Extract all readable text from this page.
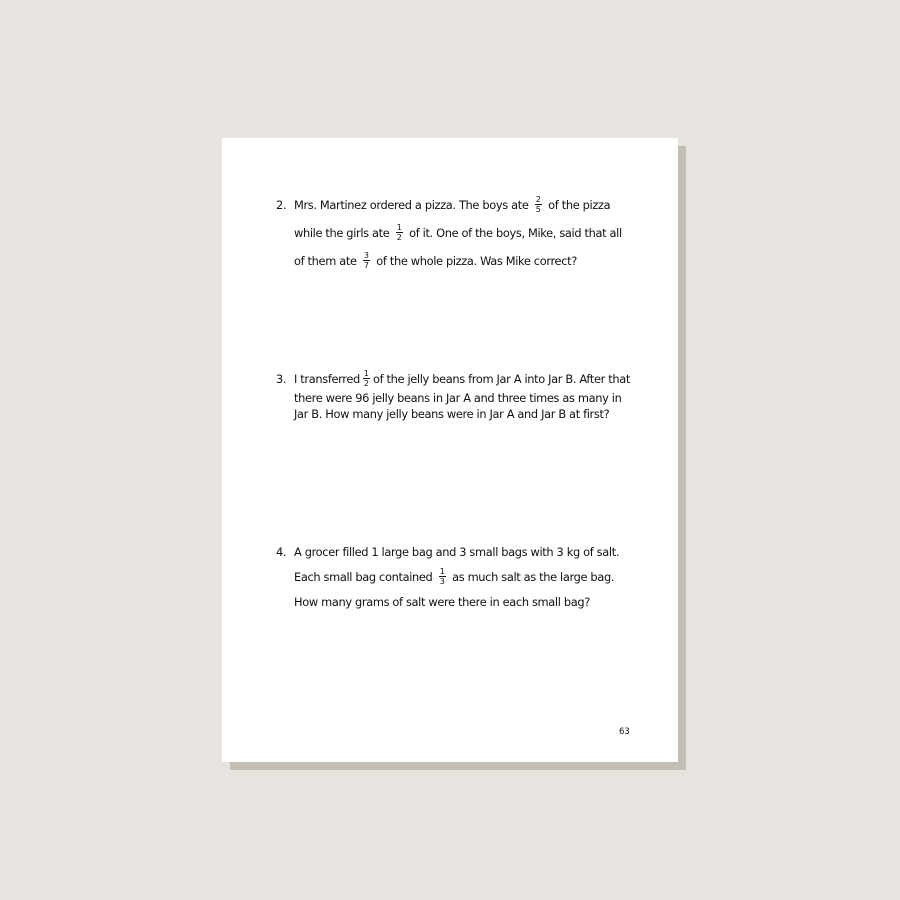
2. Mrs. Martinez ordered a pizza. The boys ate $\frac{2}{5}$ of the pizza while the girls ate $\frac{1}{2}$ of it. One of the boys, Mike, said that all of them ate $\frac{3}{7}$ of the whole pizza. Was Mike correct?
3. I transferred $\frac{1}{2}$ of the jelly beans from Jar A into Jar B. After that
there were 96 jelly beans in Jar A and three times as many in Jar B. How many jelly beans were in Jar A and Jar B at first?
4. A grocer filled 1 large bag and 3 small bags with 3 kg of salt. Each small bag contained $\frac{1}{3}$ as much salt as the large bag. How many grams of salt were there in each small bag?
63
